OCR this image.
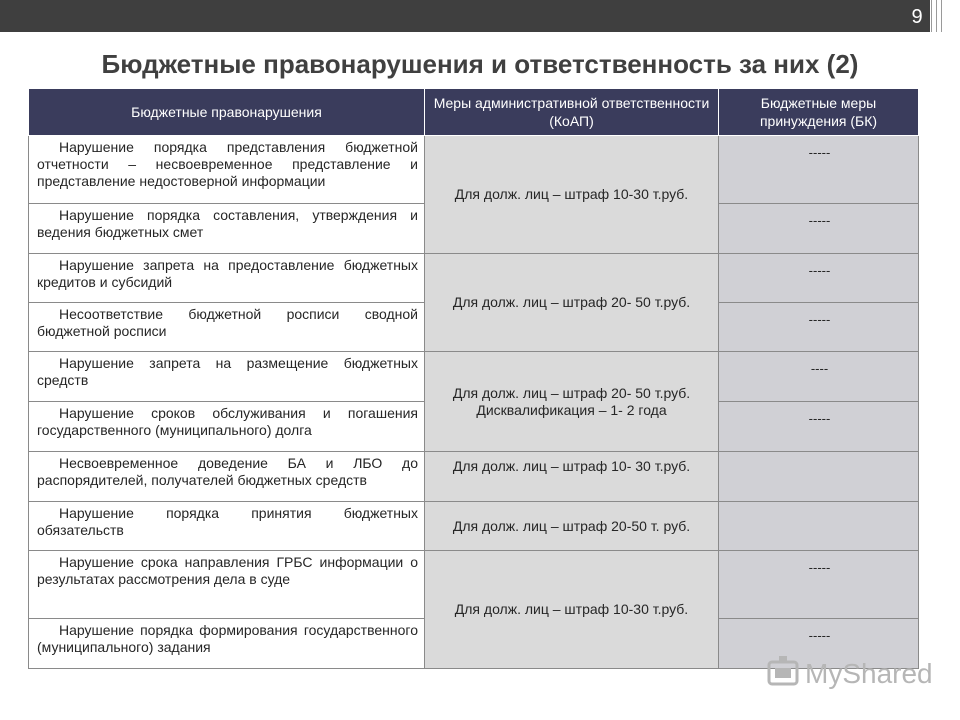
9
Бюджетные правонарушения и ответственность за них (2)
Бюджетные правонарушения	Меры административной ответственности (КоАП)	Бюджетные меры принуждения (БК)

Нарушение порядка представления бюджетной отчетности – несвоевременное представление и представление недостоверной информации	Для долж. лиц – штраф 10-30 т.руб.	-----

Нарушение порядка составления, утверждения и ведения бюджетных смет		-----

Нарушение запрета на предоставление бюджетных кредитов и субсидий	Для долж. лиц – штраф 20- 50 т.руб.	-----

Несоответствие бюджетной росписи сводной бюджетной росписи		-----

Нарушение запрета на размещение бюджетных средств	Для долж. лиц – штраф 20- 50 т.руб.
Дисквалификация – 1- 2 года	----

Нарушение сроков обслуживания и погашения государственного (муниципального) долга		-----

Несвоевременное доведение БА и ЛБО до распорядителей, получателей бюджетных средств	Для долж. лиц – штраф 10- 30 т.руб.	

Нарушение порядка принятия бюджетных обязательств	Для долж. лиц – штраф 20-50 т. руб.	

Нарушение срока направления ГРБС информации о результатах рассмотрения дела в суде	Для долж. лиц – штраф 10-30 т.руб.	-----

Нарушение порядка формирования государственного (муниципального) задания		-----
MyShared
